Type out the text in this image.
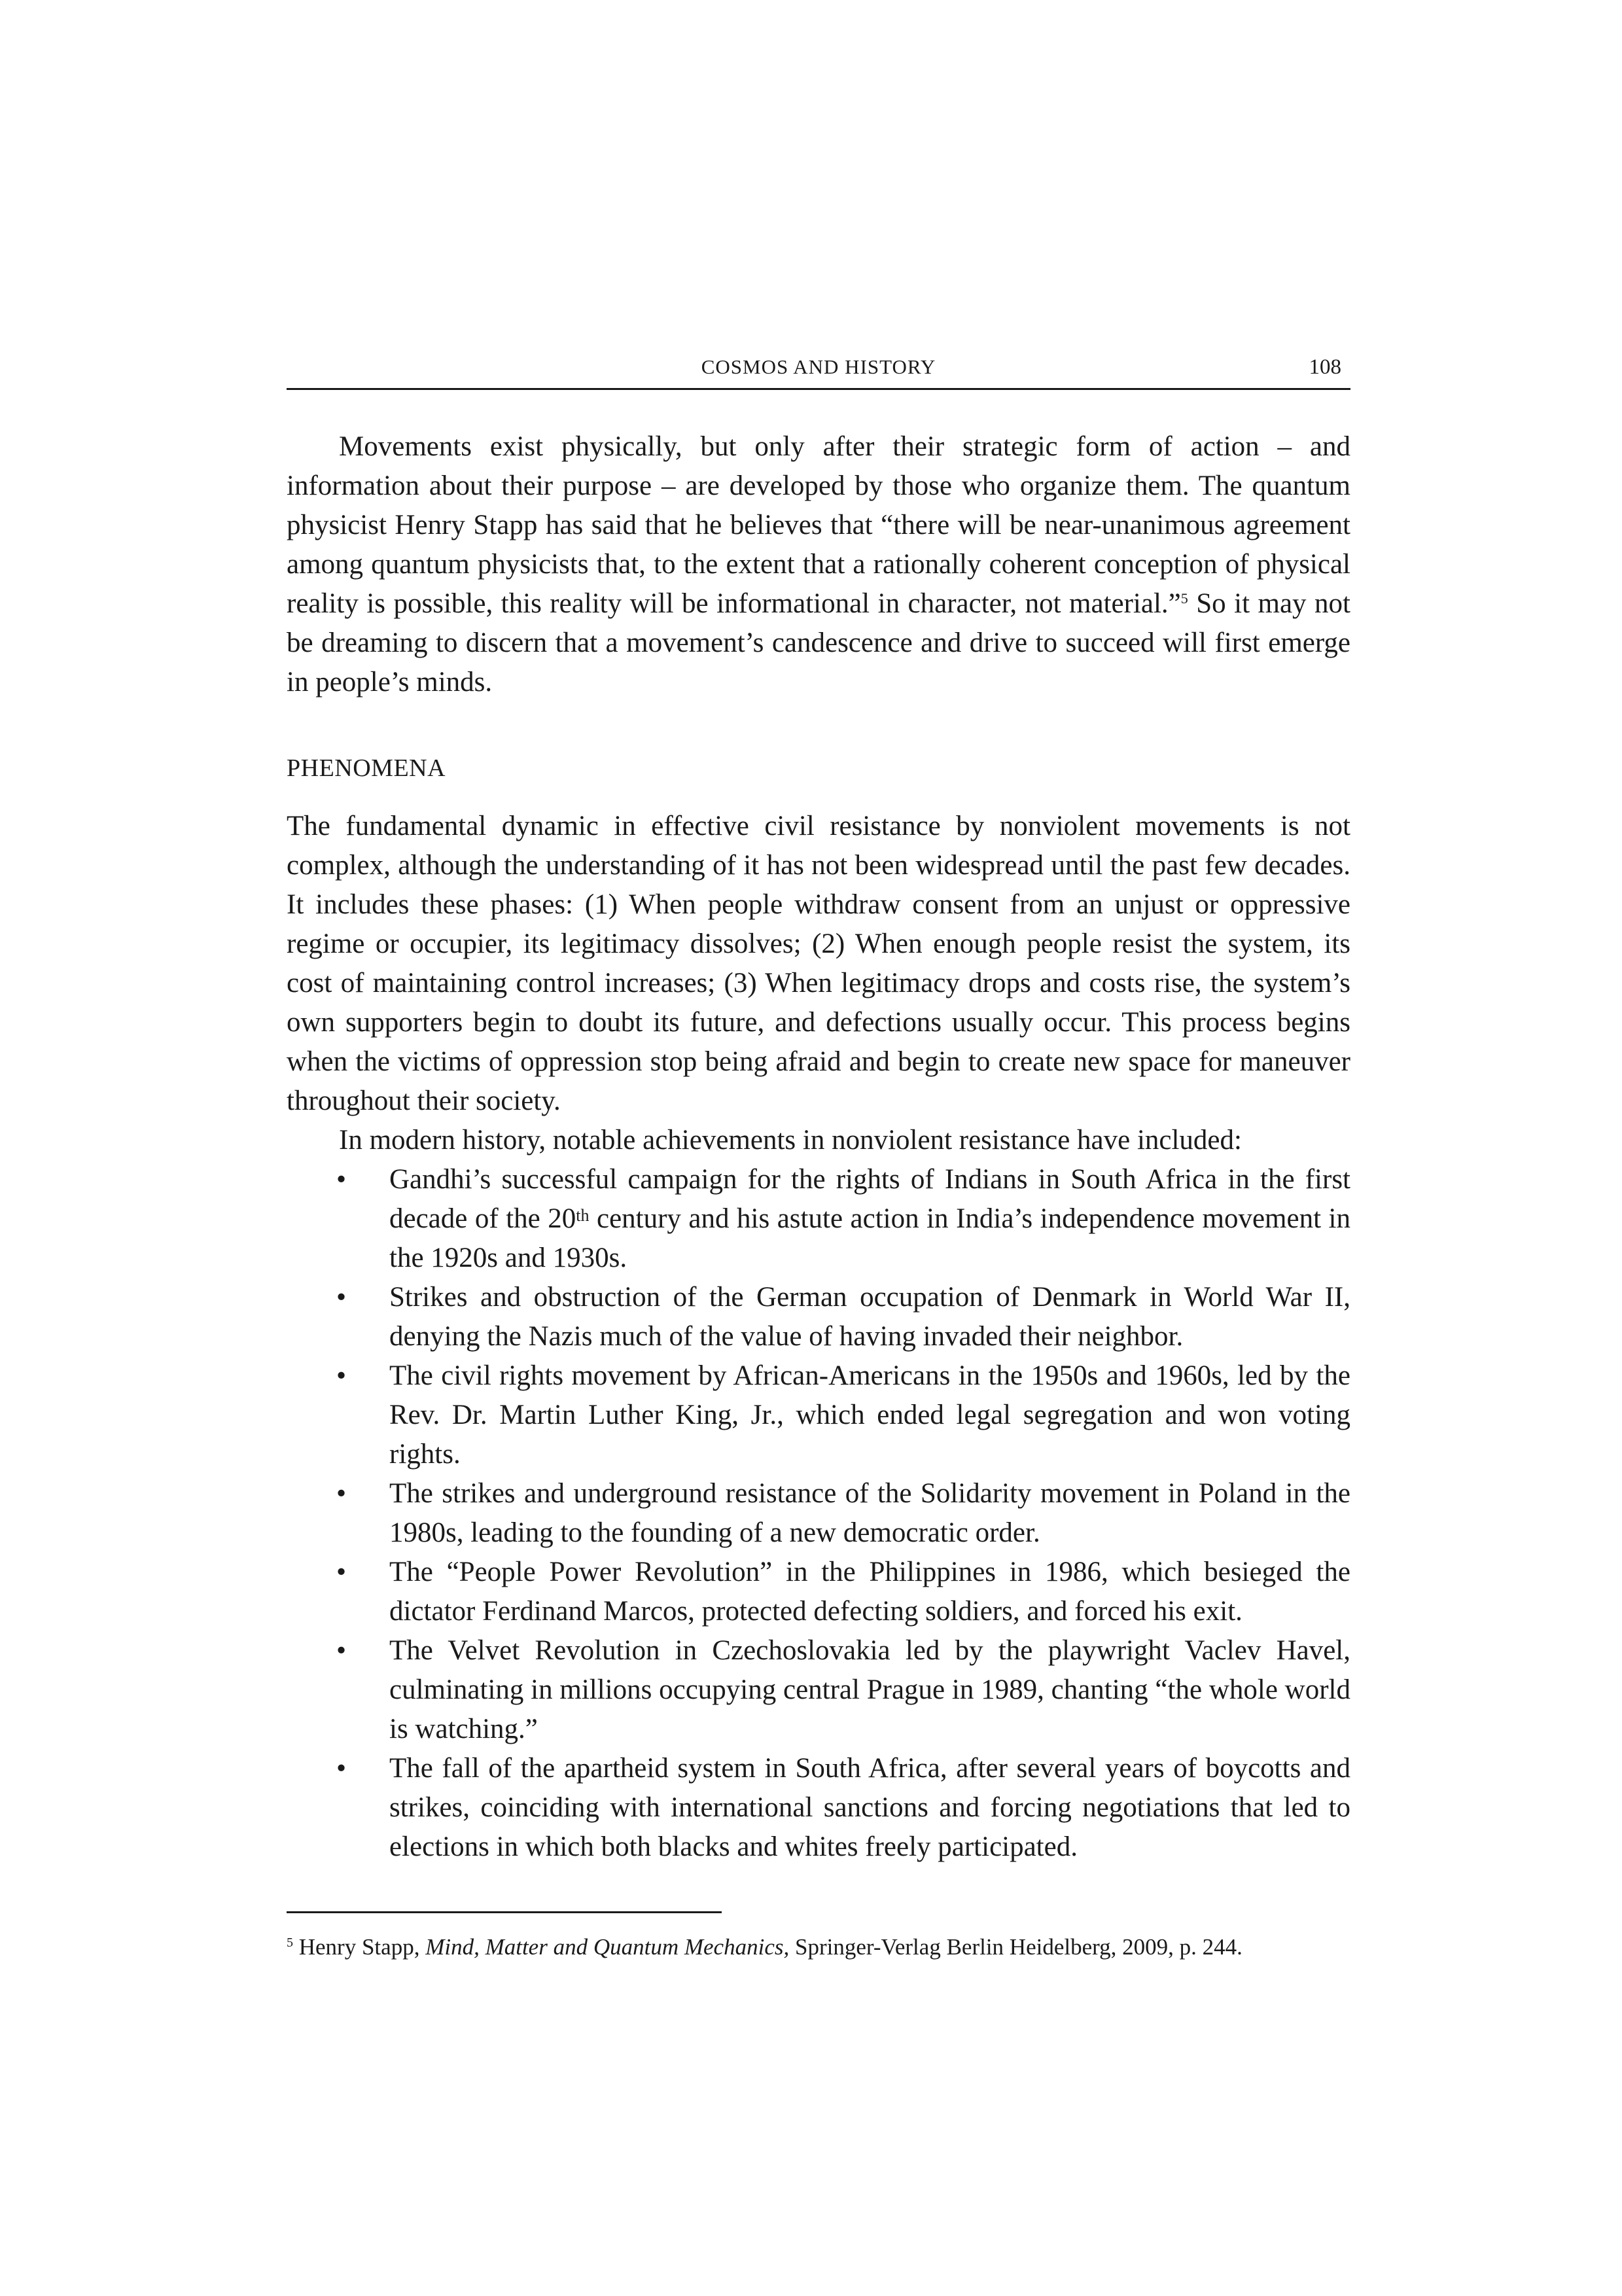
COSMOS AND HISTORY	108

Movements exist physically, but only after their strategic form of action – and information about their purpose – are developed by those who organize them. The quantum physicist Henry Stapp has said that he believes that “there will be near-unanimous agreement among quantum physicists that, to the extent that a rationally coherent conception of physical reality is possible, this reality will be informational in character, not material.”$^5$ So it may not be dreaming to discern that a movement’s candescence and drive to succeed will first emerge in people’s minds.

PHENOMENA

The fundamental dynamic in effective civil resistance by nonviolent movements is not complex, although the understanding of it has not been widespread until the past few decades. It includes these phases: (1) When people withdraw consent from an unjust or oppressive regime or occupier, its legitimacy dissolves; (2) When enough people resist the system, its cost of maintaining control increases; (3) When legitimacy drops and costs rise, the system’s own supporters begin to doubt its future, and defections usually occur. This process begins when the victims of oppression stop being afraid and begin to create new space for maneuver throughout their society.

In modern history, notable achievements in nonviolent resistance have included:

• Gandhi’s successful campaign for the rights of Indians in South Africa in the first decade of the 20th century and his astute action in India’s independence movement in the 1920s and 1930s.
• Strikes and obstruction of the German occupation of Denmark in World War II, denying the Nazis much of the value of having invaded their neighbor.
• The civil rights movement by African-Americans in the 1950s and 1960s, led by the Rev. Dr. Martin Luther King, Jr., which ended legal segregation and won voting rights.
• The strikes and underground resistance of the Solidarity movement in Poland in the 1980s, leading to the founding of a new democratic order.
• The “People Power Revolution” in the Philippines in 1986, which besieged the dictator Ferdinand Marcos, protected defecting soldiers, and forced his exit.
• The Velvet Revolution in Czechoslovakia led by the playwright Vaclev Havel, culminating in millions occupying central Prague in 1989, chanting “the whole world is watching.”
• The fall of the apartheid system in South Africa, after several years of boycotts and strikes, coinciding with international sanctions and forcing negotiations that led to elections in which both blacks and whites freely participated.
$^5$ Henry Stapp, Mind, Matter and Quantum Mechanics, Springer-Verlag Berlin Heidelberg, 2009, p. 244.
